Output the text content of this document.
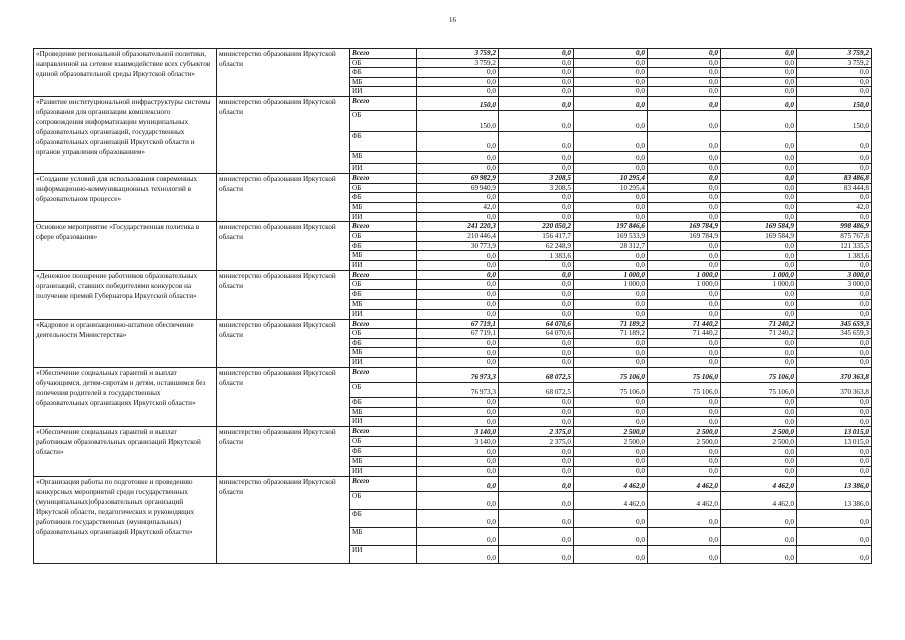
16
«Проведение региональной образовательной политики, направленной на сетевое взаимодействие всех субъектов единой образовательной среды Иркутской области»	министерство образования Иркутской области	Всего	3 759,2	0,0	0,0	0,0	0,0	3 759,2
		ОБ	3 759,2	0,0	0,0	0,0	0,0	3 759,2
		ФБ	0,0	0,0	0,0	0,0	0,0	0,0
		МБ	0,0	0,0	0,0	0,0	0,0	0,0
		ИИ	0,0	0,0	0,0	0,0	0,0	0,0
«Развитие институциональной инфраструктуры системы образования для организации комплексного сопровождения информатизации муниципальных образовательных организаций, государственных образовательных организаций Иркутской области и органов управления образованием»	министерство образования Иркутской области	Всего	150,0	0,0	0,0	0,0	0,0	150,0
		ОБ	150,0	0,0	0,0	0,0	0,0	150,0
		ФБ	0,0	0,0	0,0	0,0	0,0	0,0
		МБ	0,0	0,0	0,0	0,0	0,0	0,0
		ИИ	0,0	0,0	0,0	0,0	0,0	0,0
«Создание условий для использования современных информационно-коммуникационных технологий в образовательном процессе»	министерство образования Иркутской области	Всего	69 982,9	3 208,5	10 295,4	0,0	0,0	83 486,8
		ОБ	69 940,9	3 208,5	10 295,4	0,0	0,0	83 444,8
		ФБ	0,0	0,0	0,0	0,0	0,0	0,0
		МБ	42,0	0,0	0,0	0,0	0,0	42,0
		ИИ	0,0	0,0	0,0	0,0	0,0	0,0
Основное мероприятие «Государственная политика в сфере образования»	министерство образования Иркутской области	Всего	241 220,3	220 050,2	197 846,6	169 784,9	169 584,9	998 486,9
		ОБ	210 446,4	156 417,7	169 533,9	169 784,9	169 584,9	875 767,8
		ФБ	30 773,9	62 248,9	28 312,7	0,0	0,0	121 335,5
		МБ	0,0	1 383,6	0,0	0,0	0,0	1 383,6
		ИИ	0,0	0,0	0,0	0,0	0,0	0,0
«Денежное поощрение работников образовательных организаций, ставших победителями конкурсов на получение премий Губернатора Иркутской области»	министерство образования Иркутской области	Всего	0,0	0,0	1 000,0	1 000,0	1 000,0	3 000,0
		ОБ	0,0	0,0	1 000,0	1 000,0	1 000,0	3 000,0
		ФБ	0,0	0,0	0,0	0,0	0,0	0,0
		МБ	0,0	0,0	0,0	0,0	0,0	0,0
		ИИ	0,0	0,0	0,0	0,0	0,0	0,0
«Кадровое и организационно-штатное обеспечение деятельности Министерства»	министерство образования Иркутской области	Всего	67 719,1	64 070,6	71 189,2	71 440,2	71 240,2	345 659,3
		ОБ	67 719,1	64 070,6	71 189,2	71 440,2	71 240,2	345 659,3
		ФБ	0,0	0,0	0,0	0,0	0,0	0,0
		МБ	0,0	0,0	0,0	0,0	0,0	0,0
		ИИ	0,0	0,0	0,0	0,0	0,0	0,0
«Обеспечение социальных гарантий и выплат обучающимся, детям-сиротам и детям, оставшимся без попечения родителей в государственных образовательных организациях Иркутской области»	министерство образования Иркутской области	Всего	76 973,3	68 072,5	75 106,0	75 106,0	75 106,0	370 363,8
		ОБ	76 973,3	68 072,5	75 106,0	75 106,0	75 106,0	370 363,8
		ФБ	0,0	0,0	0,0	0,0	0,0	0,0
		МБ	0,0	0,0	0,0	0,0	0,0	0,0
		ИИ	0,0	0,0	0,0	0,0	0,0	0,0
«Обеспечение социальных гарантий и выплат работникам образовательных организаций Иркутской области»	министерство образования Иркутской области	Всего	3 140,0	2 375,0	2 500,0	2 500,0	2 500,0	13 015,0
		ОБ	3 140,0	2 375,0	2 500,0	2 500,0	2 500,0	13 015,0
		ФБ	0,0	0,0	0,0	0,0	0,0	0,0
		МБ	0,0	0,0	0,0	0,0	0,0	0,0
		ИИ	0,0	0,0	0,0	0,0	0,0	0,0
«Организация работы по подготовке и проведению конкурсных мероприятий среди государственных (муниципальных)образовательных организаций Иркутской области, педагогических и руководящих работников государственных (муниципальных) образовательных организаций Иркутской области»	министерство образования Иркутской области	Всего	0,0	0,0	4 462,0	4 462,0	4 462,0	13 386,0
		ОБ	0,0	0,0	4 462,0	4 462,0	4 462,0	13 386,0
		ФБ	0,0	0,0	0,0	0,0	0,0	0,0
		МБ	0,0	0,0	0,0	0,0	0,0	0,0
		ИИ	0,0	0,0	0,0	0,0	0,0	0,0
